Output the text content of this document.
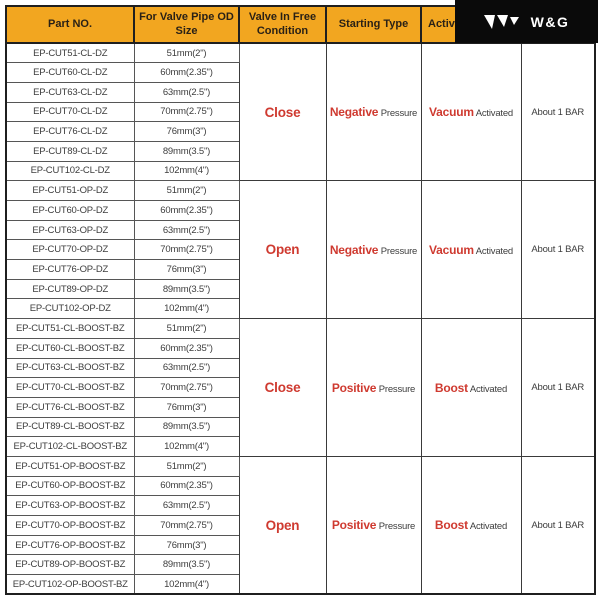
Part NO.	For Valve Pipe OD Size	Valve In Free Condition	Starting Type	Activ	
EP-CUT51-CL-DZ	51mm(2")	Close	Negative Pressure	Vacuum Activated	About 1 BAR
EP-CUT60-CL-DZ	60mm(2.35")				
EP-CUT63-CL-DZ	63mm(2.5")				
EP-CUT70-CL-DZ	70mm(2.75")				
EP-CUT76-CL-DZ	76mm(3")				
EP-CUT89-CL-DZ	89mm(3.5")				
EP-CUT102-CL-DZ	102mm(4")				
EP-CUT51-OP-DZ	51mm(2")	Open	Negative Pressure	Vacuum Activated	About 1 BAR
EP-CUT60-OP-DZ	60mm(2.35")				
EP-CUT63-OP-DZ	63mm(2.5")				
EP-CUT70-OP-DZ	70mm(2.75")				
EP-CUT76-OP-DZ	76mm(3")				
EP-CUT89-OP-DZ	89mm(3.5")				
EP-CUT102-OP-DZ	102mm(4")				
EP-CUT51-CL-BOOST-BZ	51mm(2")	Close	Positive Pressure	Boost Activated	About 1 BAR
EP-CUT60-CL-BOOST-BZ	60mm(2.35")				
EP-CUT63-CL-BOOST-BZ	63mm(2.5")				
EP-CUT70-CL-BOOST-BZ	70mm(2.75")				
EP-CUT76-CL-BOOST-BZ	76mm(3")				
EP-CUT89-CL-BOOST-BZ	89mm(3.5")				
EP-CUT102-CL-BOOST-BZ	102mm(4")				
EP-CUT51-OP-BOOST-BZ	51mm(2")	Open	Positive Pressure	Boost Activated	About 1 BAR
EP-CUT60-OP-BOOST-BZ	60mm(2.35")				
EP-CUT63-OP-BOOST-BZ	63mm(2.5")				
EP-CUT70-OP-BOOST-BZ	70mm(2.75")				
EP-CUT76-OP-BOOST-BZ	76mm(3")				
EP-CUT89-OP-BOOST-BZ	89mm(3.5")				
EP-CUT102-OP-BOOST-BZ	102mm(4")				
W&G
